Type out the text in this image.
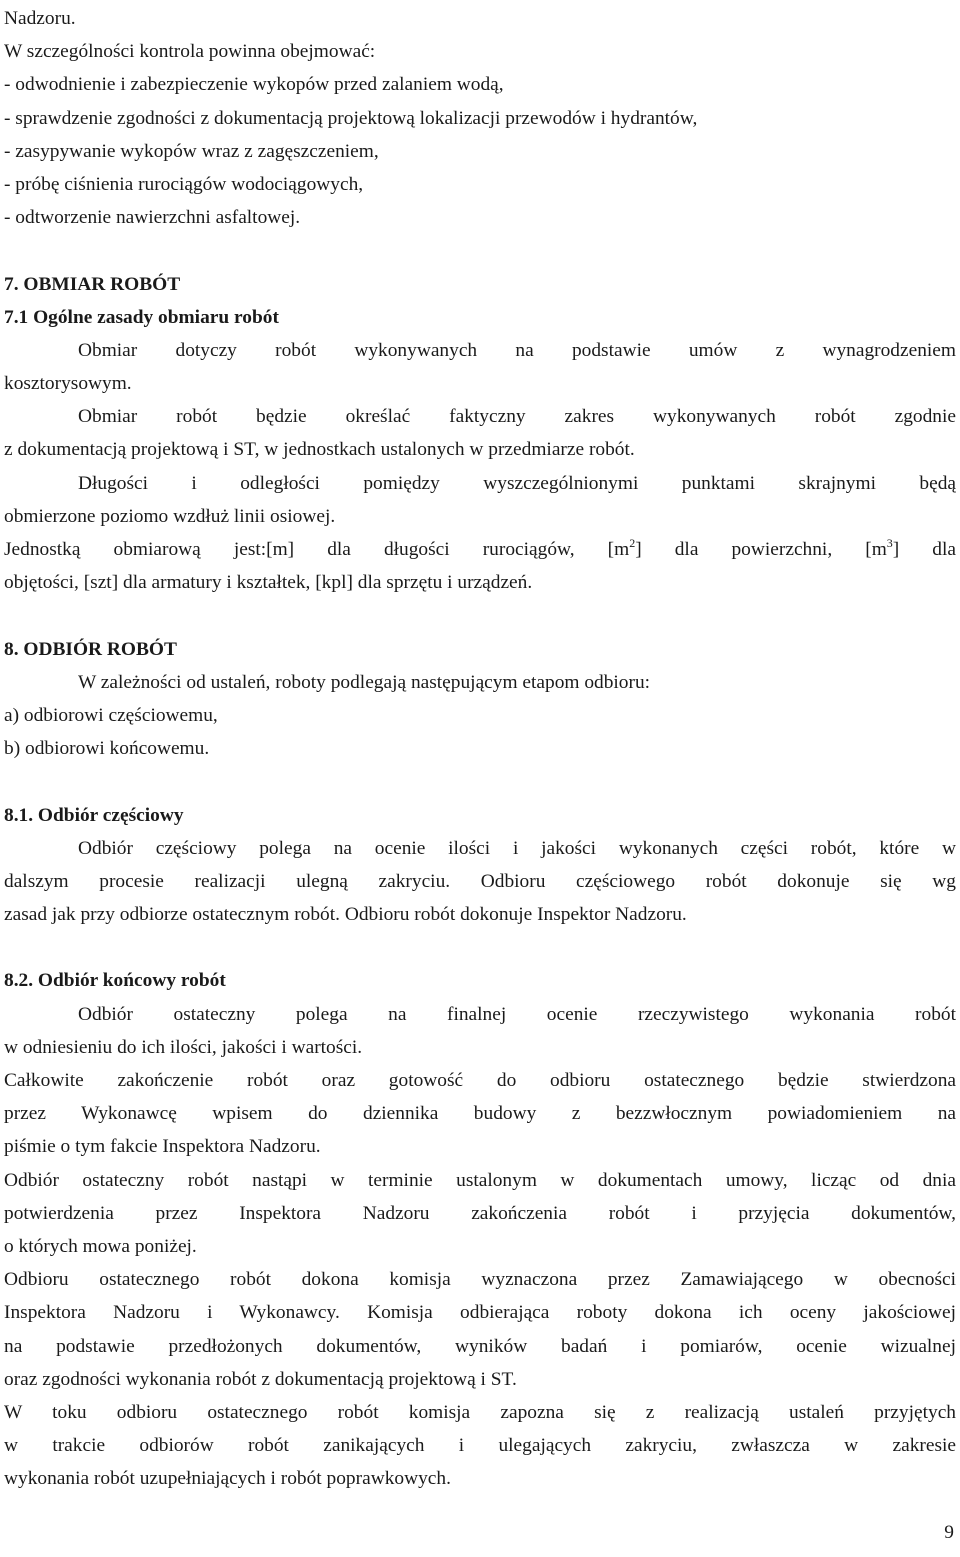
Nadzoru.
W szczególności kontrola powinna obejmować:
- odwodnienie i zabezpieczenie wykopów przed zalaniem wodą,
- sprawdzenie zgodności z dokumentacją projektową lokalizacji przewodów i hydrantów,
- zasypywanie wykopów wraz z zagęszczeniem,
- próbę ciśnienia rurociągów wodociągowych,
- odtworzenie nawierzchni asfaltowej.
7. OBMIAR ROBÓT
7.1 Ogólne zasady obmiaru robót
Obmiar dotyczy robót wykonywanych na podstawie umów z wynagrodzeniem
kosztorysowym.
Obmiar robót będzie określać faktyczny zakres wykonywanych robót zgodnie
z dokumentacją projektową i ST, w jednostkach ustalonych w przedmiarze robót.
Długości i odległości pomiędzy wyszczególnionymi punktami skrajnymi będą
obmierzone poziomo wzdłuż linii osiowej.
Jednostką obmiarową jest:[m] dla długości rurociągów, $[m^2]$ dla powierzchni, $[m^3]$ dla
objętości, [szt] dla armatury i kształtek, [kpl] dla sprzętu i urządzeń.
8. ODBIÓR ROBÓT
W zależności od ustaleń, roboty podlegają następującym etapom odbioru:
a) odbiorowi częściowemu,
b) odbiorowi końcowemu.
8.1. Odbiór częściowy
Odbiór częściowy polega na ocenie ilości i jakości wykonanych części robót, które w
dalszym procesie realizacji ulegną zakryciu. Odbioru częściowego robót dokonuje się wg
zasad jak przy odbiorze ostatecznym robót. Odbioru robót dokonuje Inspektor Nadzoru.
8.2. Odbiór końcowy robót
Odbiór ostateczny polega na finalnej ocenie rzeczywistego wykonania robót
w odniesieniu do ich ilości, jakości i wartości.
Całkowite zakończenie robót oraz gotowość do odbioru ostatecznego będzie stwierdzona
przez Wykonawcę wpisem do dziennika budowy z bezzwłocznym powiadomieniem na
piśmie o tym fakcie Inspektora Nadzoru.
Odbiór ostateczny robót nastąpi w terminie ustalonym w dokumentach umowy, licząc od dnia
potwierdzenia przez Inspektora Nadzoru zakończenia robót i przyjęcia dokumentów,
o których mowa poniżej.
Odbioru ostatecznego robót dokona komisja wyznaczona przez Zamawiającego w obecności
Inspektora Nadzoru i Wykonawcy. Komisja odbierająca roboty dokona ich oceny jakościowej
na podstawie przedłożonych dokumentów, wyników badań i pomiarów, ocenie wizualnej
oraz zgodności wykonania robót z dokumentacją projektową i ST.
W toku odbioru ostatecznego robót komisja zapozna się z realizacją ustaleń przyjętych
w trakcie odbiorów robót zanikających i ulegających zakryciu, zwłaszcza w zakresie
wykonania robót uzupełniających i robót poprawkowych.
9
